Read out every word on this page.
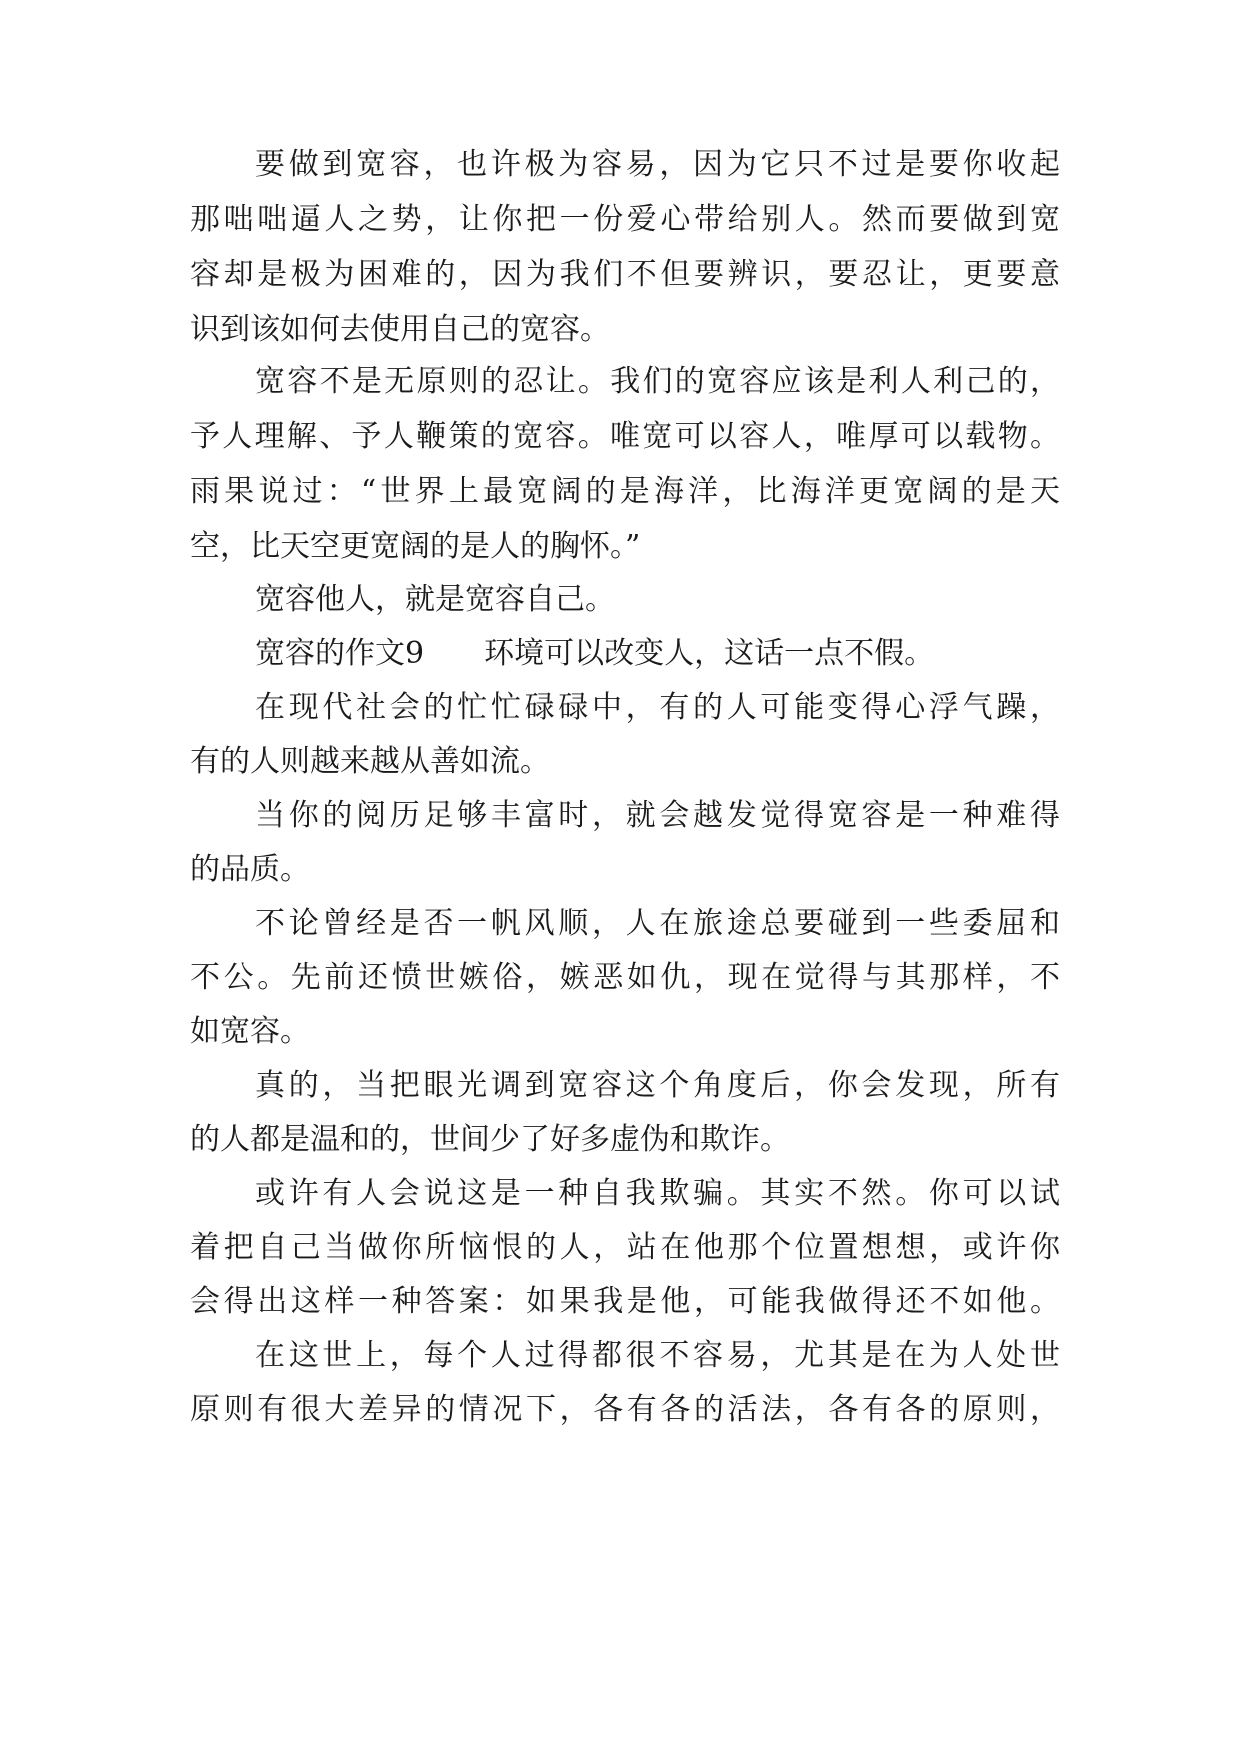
要做到宽容，也许极为容易，因为它只不过是要你收起
那咄咄逼人之势，让你把一份爱心带给别人。然而要做到宽
容却是极为困难的，因为我们不但要辨识，要忍让，更要意
识到该如何去使用自己的宽容。
宽容不是无原则的忍让。我们的宽容应该是利人利己的，
予人理解、予人鞭策的宽容。唯宽可以容人，唯厚可以载物。
雨果说过：“世界上最宽阔的是海洋，比海洋更宽阔的是天
空，比天空更宽阔的是人的胸怀。”
宽容他人，就是宽容自己。
宽容的作文9 环境可以改变人，这话一点不假。
在现代社会的忙忙碌碌中，有的人可能变得心浮气躁，
有的人则越来越从善如流。
当你的阅历足够丰富时，就会越发觉得宽容是一种难得
的品质。
不论曾经是否一帆风顺，人在旅途总要碰到一些委屈和
不公。先前还愤世嫉俗，嫉恶如仇，现在觉得与其那样，不
如宽容。
真的，当把眼光调到宽容这个角度后，你会发现，所有
的人都是温和的，世间少了好多虚伪和欺诈。
或许有人会说这是一种自我欺骗。其实不然。你可以试
着把自己当做你所恼恨的人，站在他那个位置想想，或许你
会得出这样一种答案：如果我是他，可能我做得还不如他。
在这世上，每个人过得都很不容易，尤其是在为人处世
原则有很大差异的情况下，各有各的活法，各有各的原则，
